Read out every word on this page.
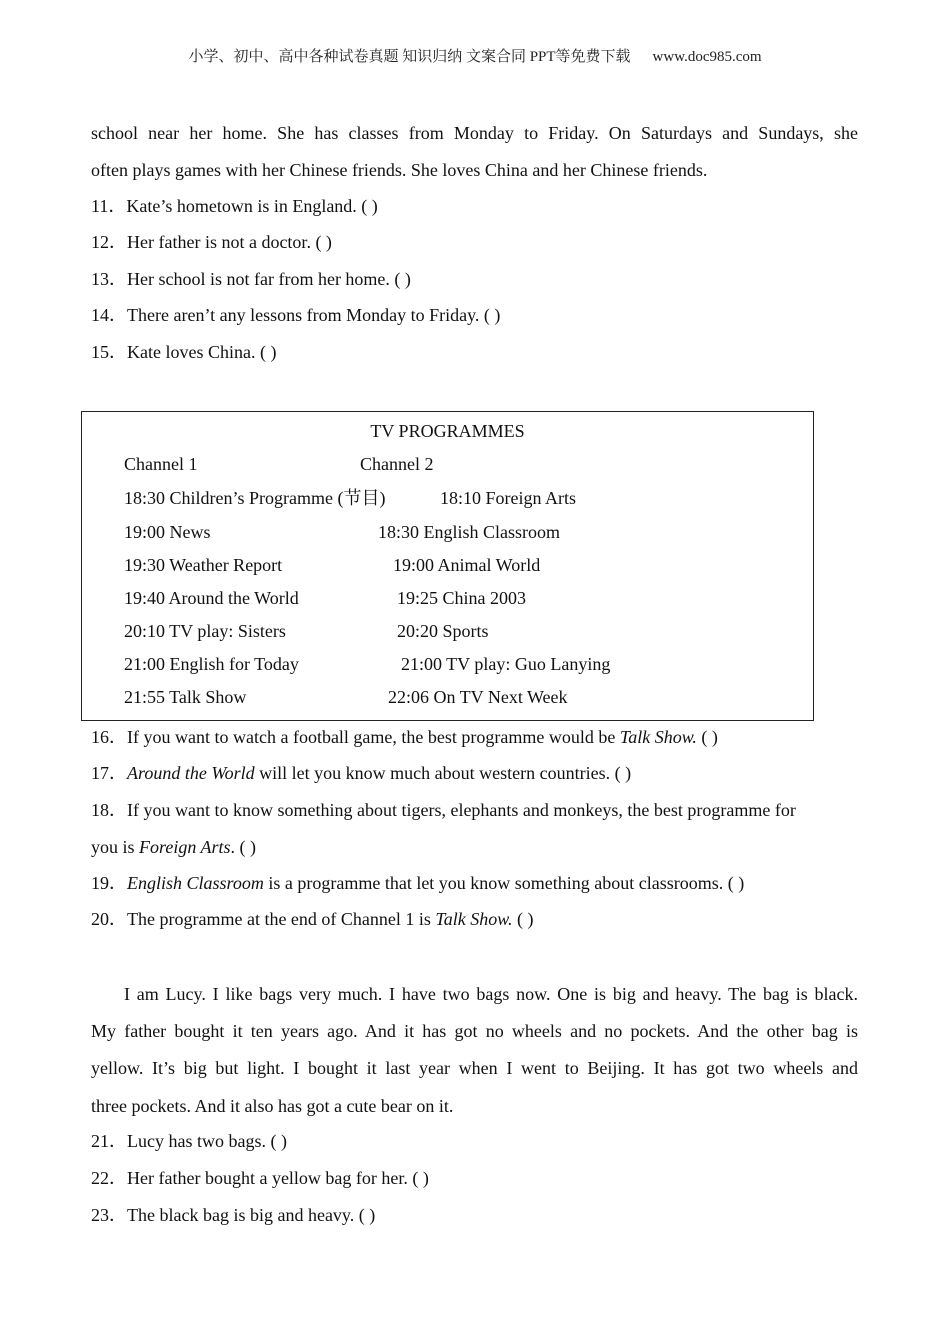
小学、初中、高中各种试卷真题 知识归纳 文案合同 PPT等免费下载 www.doc985.com
school near her home. She has classes from Monday to Friday. On Saturdays and Sundays, she
often plays games with her Chinese friends. She loves China and her Chinese friends.
11．Kate’s hometown is in England. ( )
12．Her father is not a doctor. ( )
13．Her school is not far from her home. ( )
14．There aren’t any lessons from Monday to Friday. ( )
15．Kate loves China. ( )
TV PROGRAMMES
Channel 1	Channel 2
18:30 Children’s Programme (节目)
19:00 News
19:30 Weather Report
19:40 Around the World
20:10 TV play: Sisters
21:00 English for Today
21:55 Talk Show
18:10 Foreign Arts
18:30 English Classroom
19:00 Animal World
19:25 China 2003
20:20 Sports
21:00 TV play: Guo Lanying
22:06 On TV Next Week
16．If you want to watch a football game, the best programme would be Talk Show. ( )
17．Around the World will let you know much about western countries. ( )
18．If you want to know something about tigers, elephants and monkeys, the best programme for
you is Foreign Arts. ( )
19．English Classroom is a programme that let you know something about classrooms. ( )
20．The programme at the end of Channel 1 is Talk Show. ( )
I am Lucy. I like bags very much. I have two bags now. One is big and heavy. The bag is black.
My father bought it ten years ago. And it has got no wheels and no pockets. And the other bag is
yellow. It’s big but light. I bought it last year when I went to Beijing. It has got two wheels and
three pockets. And it also has got a cute bear on it.
21．Lucy has two bags. ( )
22．Her father bought a yellow bag for her. ( )
23．The black bag is big and heavy. ( )
